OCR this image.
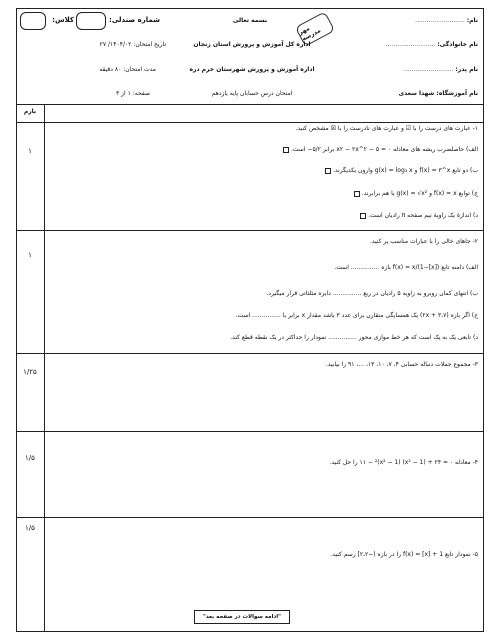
کلاس:	شماره صندلی:	بسمه تعالی
مهر مدرسه
تاریخ امتحان: ۱۴۰۴/۰۲/ ۲۷
مدت امتحان: ۸۰ دقیقه
صفحه: ۱ از ۳
اداره کل آموزش و پرورش استان زنجان
اداره آموزش و پرورش شهرستان خرم دره
امتحان درس حسابان پایه یازدهم
نام: ..........................
نام خانوادگی: ..........................
نام پدر: ..........................
نام آموزشگاه: شهدا سعدی
بارم
۱
۱- عبارت های درست را با ☑ و عبارت های نادرست را با ☒ مشخص کنید.
الف) حاصلضرب ریشه های معادله ۰ = ۵ − x۲ − ۲x^۲ برابر ۵/۲− است.
ب) دو تابع f(x) = ۳^x و g(x) = log₃ x وارون یکدیگرند.
ج) توابع f(x) = x و g(x) = √x² با هم برابرند.
د) اندازهٔ یک زاویهٔ نیم صفحه π رادیان است.
۱
۲- جاهای خالی را با عبارات مناسب پر کنید.
الف) دامنه تابع f(x) = x/(1−[x]) بازه ............... است.
ب) انتهای کمان روبرو به زاویه ۵ رادیان در ربع ............... دایره مثلثاتی قرار میگیرد.
ج) اگر بازه (۲x + ۳،۷) یک همسایگی متقارن برای عدد ۳ باشد مقدار x برابر با ............... است.
د) تابعی یک به یک است که هر خط موازی محور ............... نمودار را حداکثر در یک نقطه قطع کند.
۱/۲۵
۳- مجموع جملات دنباله حسابی ۴، ۷، ۱۰، ۱۳، ...، ۹۱ را بیابید.
۱/۵
۴- معادله ۰ = ۲۴ + (x² − 1) ۱۱ − ²(x² − 1) را حل کنید.
۱/۵
۵- نمودار تابع f(x) = [x] + 1 را در بازه (−۲،۲] رسم کنید.
"ادامه سوالات در صفحه بعد"
